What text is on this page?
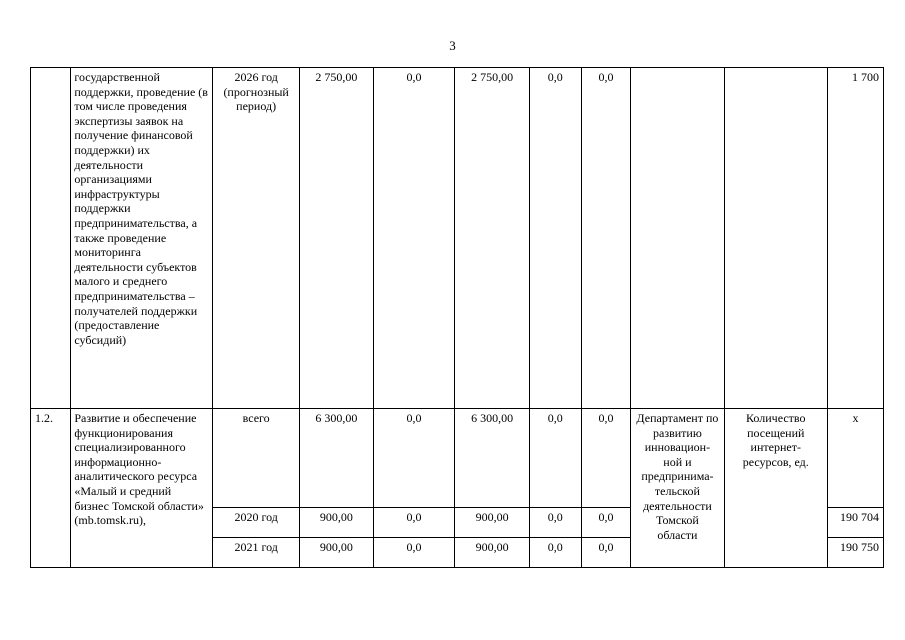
3
	государственной поддержки, проведение (в том числе проведения экспертизы заявок на получение финансовой поддержки) их деятельности организациями инфраструктуры поддержки предпринимательства, а также проведение мониторинга деятельности субъектов малого и среднего предпринимательства – получателей поддержки (предоставление субсидий)	2026 год (прогнозный период)	2 750,00	0,0	2 750,00	0,0	0,0			1 700
1.2.	Развитие и обеспечение функционирования специализированного информационно-аналитического ресурса «Малый и средний бизнес Томской области» (mb.tomsk.ru),	всего	6 300,00	0,0	6 300,00	0,0	0,0	Департамент по развитию инновацион-ной и предпринима-тельской деятельности Томской области	Количество посещений интернет-ресурсов, ед.	x
		2020 год	900,00	0,0	900,00	0,0	0,0			190 704
		2021 год	900,00	0,0	900,00	0,0	0,0			190 750
